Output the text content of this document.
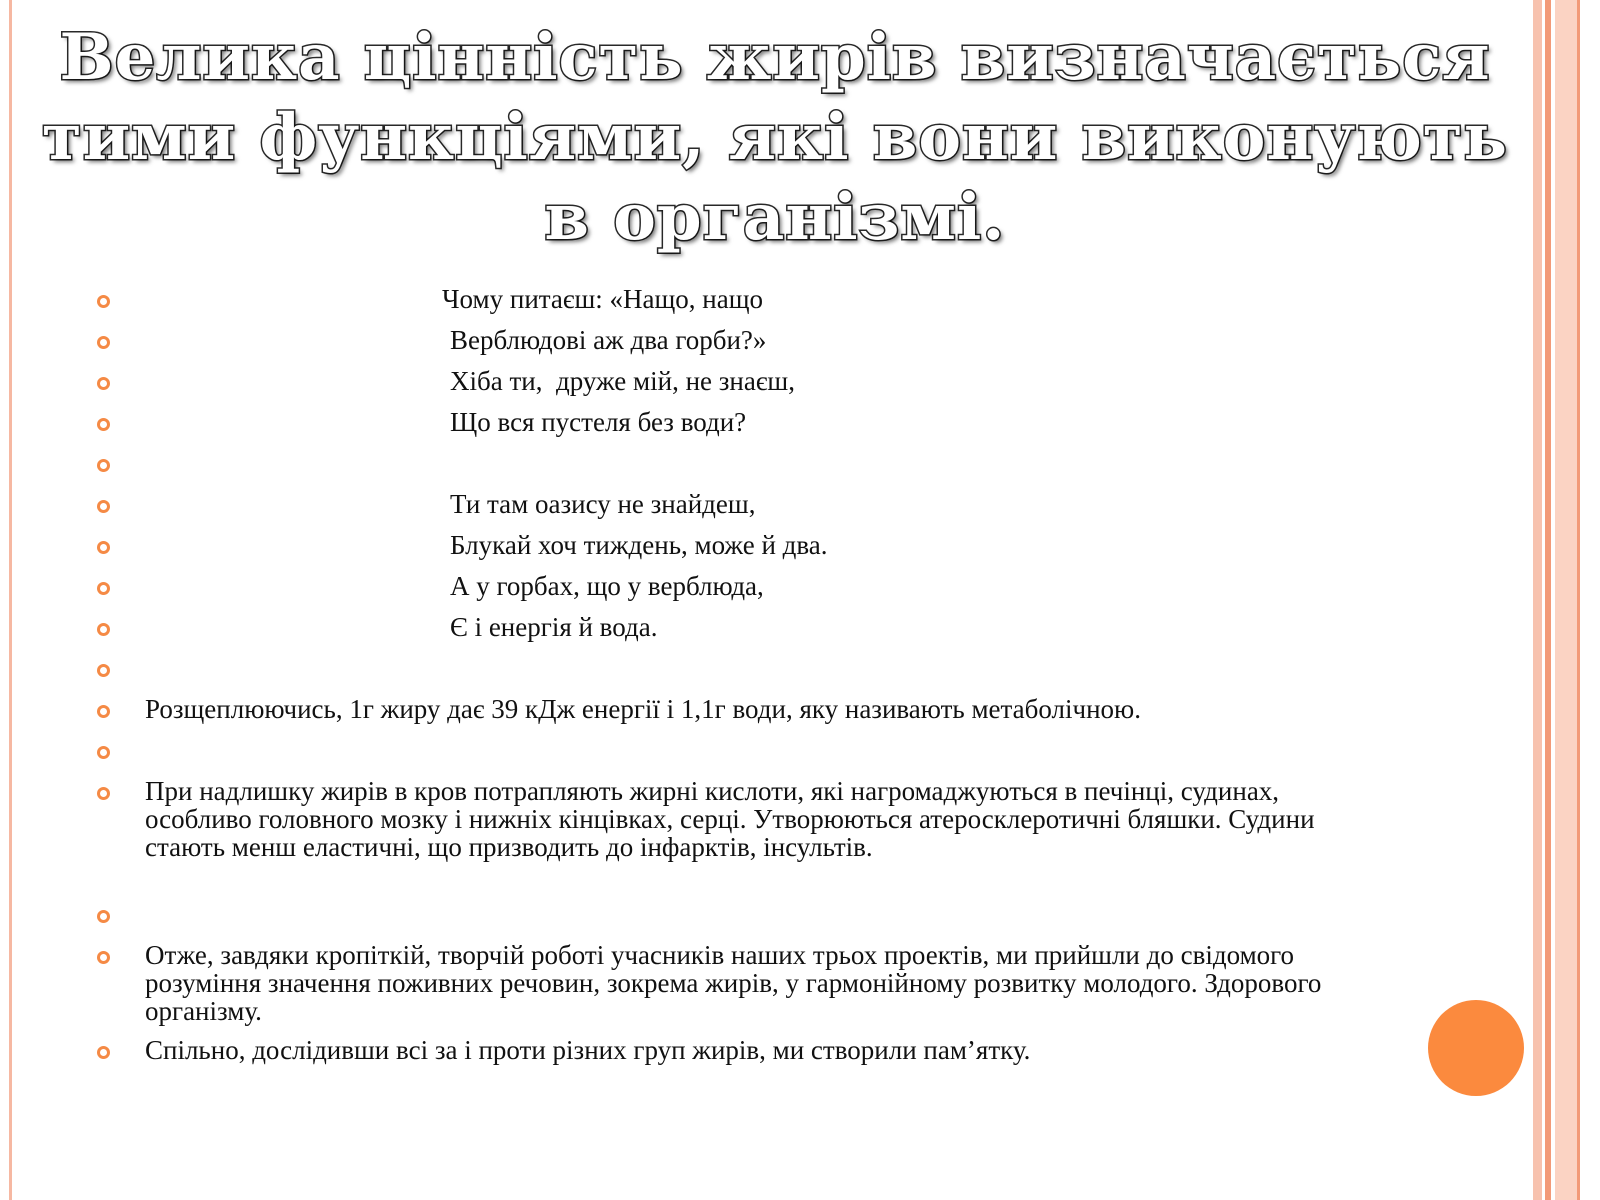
Велика цінність жирів визначається тими функціями, які вони виконують в організмі.
Чому питаєш: «Нащо, нащо
Верблюдові аж два горби?»
Хіба ти,  друже мій, не знаєш,
Що вся пустеля без води?
Ти там оазису не знайдеш,
Блукай хоч тиждень, може й два.
А у горбах, що у верблюда,
Є і енергія й вода.
Розщеплюючись, 1г жиру дає 39 кДж енергії і 1,1г води, яку називають метаболічною.
При надлишку жирів в кров потрапляють жирні кислоти, які нагромаджуються в печінці, судинах, особливо головного мозку і нижніх кінцівках, серці. Утворюються атеросклеротичні бляшки. Судини стають менш еластичні, що призводить до інфарктів, інсультів.
Отже, завдяки кропіткій, творчій роботі учасників наших трьох проектів, ми прийшли до свідомого розуміння значення поживних речовин, зокрема жирів, у гармонійному розвитку молодого. Здорового організму.
Спільно, дослідивши всі за і проти різних груп жирів, ми створили пам’ятку.
